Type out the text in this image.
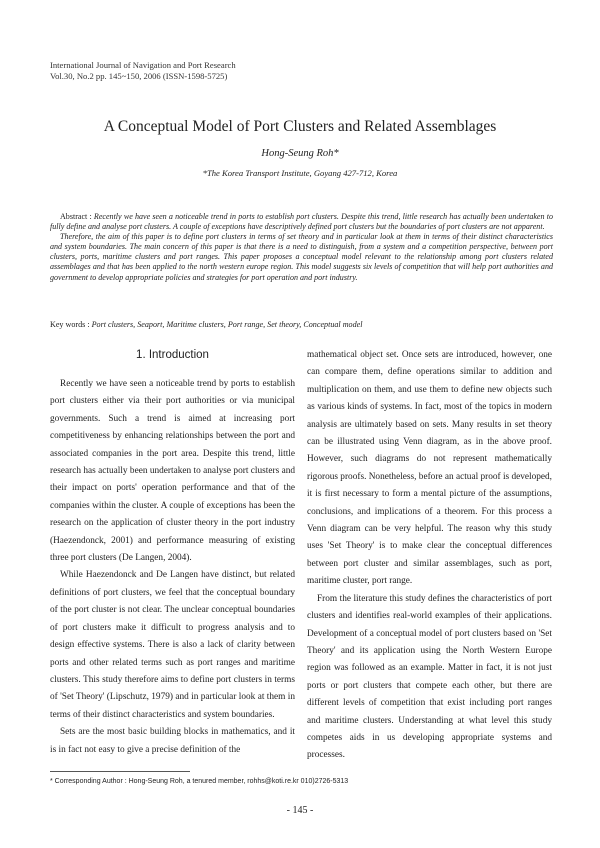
International Journal of Navigation and Port Research
Vol.30, No.2 pp. 145~150, 2006 (ISSN-1598-5725)
A Conceptual Model of Port Clusters and Related Assemblages
Hong-Seung Roh*
*The Korea Transport Institute, Goyang 427-712, Korea

Abstract : Recently we have seen a noticeable trend in ports to establish port clusters. Despite this trend, little research has actually been undertaken to fully define and analyse port clusters. A couple of exceptions have descriptively defined port clusters but the boundaries of port clusters are not apparent.

Therefore, the aim of this paper is to define port clusters in terms of set theory and in particular look at them in terms of their distinct characteristics and system boundaries. The main concern of this paper is that there is a need to distinguish, from a system and a competition perspective, between port clusters, ports, maritime clusters and port ranges. This paper proposes a conceptual model relevant to the relationship among port clusters related assemblages and that has been applied to the north western europe region. This model suggests six levels of competition that will help port authorities and government to develop appropriate policies and strategies for port operation and port industry.

Key words : Port clusters, Seaport, Maritime clusters, Port range, Set theory, Conceptual model
1. Introduction

Recently we have seen a noticeable trend by ports to establish port clusters either via their port authorities or via municipal governments. Such a trend is aimed at increasing port competitiveness by enhancing relationships between the port and associated companies in the port area. Despite this trend, little research has actually been undertaken to analyse port clusters and their impact on ports' operation performance and that of the companies within the cluster. A couple of exceptions has been the research on the application of cluster theory in the port industry (Haezendonck, 2001) and performance measuring of existing three port clusters (De Langen, 2004).

While Haezendonck and De Langen have distinct, but related definitions of port clusters, we feel that the conceptual boundary of the port cluster is not clear. The unclear conceptual boundaries of port clusters make it difficult to progress analysis and to design effective systems. There is also a lack of clarity between ports and other related terms such as port ranges and maritime clusters. This study therefore aims to define port clusters in terms of 'Set Theory' (Lipschutz, 1979) and in particular look at them in terms of their distinct characteristics and system boundaries.

Sets are the most basic building blocks in mathematics, and it is in fact not easy to give a precise definition of the

mathematical object set. Once sets are introduced, however, one can compare them, define operations similar to addition and multiplication on them, and use them to define new objects such as various kinds of systems. In fact, most of the topics in modern analysis are ultimately based on sets. Many results in set theory can be illustrated using Venn diagram, as in the above proof. However, such diagrams do not represent mathematically rigorous proofs. Nonetheless, before an actual proof is developed, it is first necessary to form a mental picture of the assumptions, conclusions, and implications of a theorem. For this process a Venn diagram can be very helpful. The reason why this study uses 'Set Theory' is to make clear the conceptual differences between port cluster and similar assemblages, such as port, maritime cluster, port range.

From the literature this study defines the characteristics of port clusters and identifies real-world examples of their applications. Development of a conceptual model of port clusters based on 'Set Theory' and its application using the North Western Europe region was followed as an example. Matter in fact, it is not just ports or port clusters that compete each other, but there are different levels of competition that exist including port ranges and maritime clusters. Understanding at what level this study competes aids in us developing appropriate systems and processes.

* Corresponding Author : Hong-Seung Roh, a tenured member, rohhs@koti.re.kr 010)2726-5313
- 145 -
